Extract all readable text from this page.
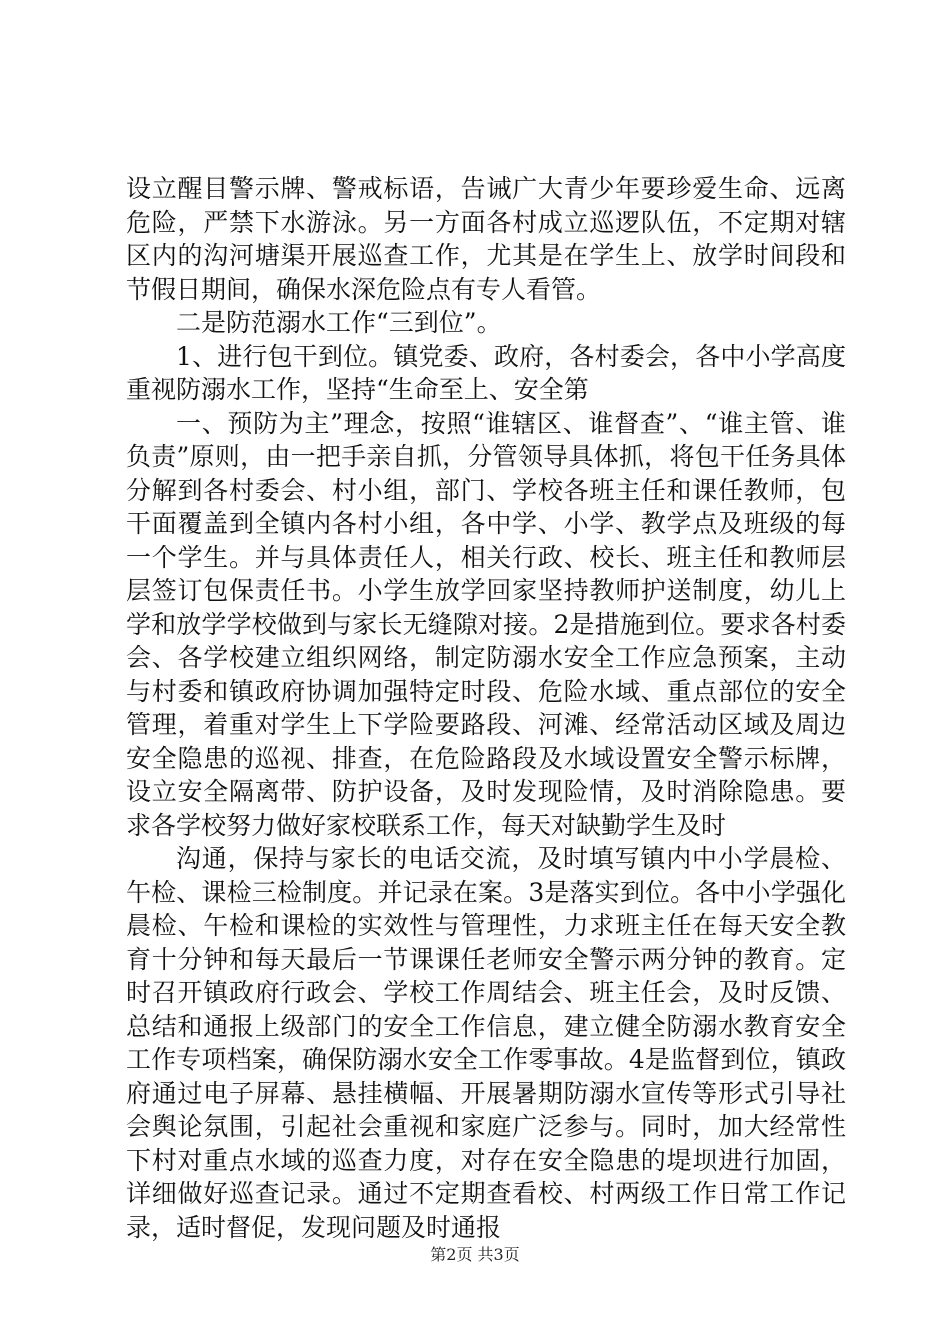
设立醒目警示牌、警戒标语，告诫广大青少年要珍爱生命、远离危险，严禁下水游泳。另一方面各村成立巡逻队伍，不定期对辖区内的沟河塘渠开展巡查工作，尤其是在学生上、放学时间段和节假日期间，确保水深危险点有专人看管。

二是防范溺水工作“三到位”。

1、进行包干到位。镇党委、政府，各村委会，各中小学高度重视防溺水工作，坚持“生命至上、安全第

一、预防为主”理念，按照“谁辖区、谁督查”、“谁主管、谁负责”原则，由一把手亲自抓，分管领导具体抓，将包干任务具体分解到各村委会、村小组，部门、学校各班主任和课任教师，包干面覆盖到全镇内各村小组，各中学、小学、教学点及班级的每一个学生。并与具体责任人，相关行政、校长、班主任和教师层层签订包保责任书。小学生放学回家坚持教师护送制度，幼儿上学和放学学校做到与家长无缝隙对接。2是措施到位。要求各村委会、各学校建立组织网络，制定防溺水安全工作应急预案，主动与村委和镇政府协调加强特定时段、危险水域、重点部位的安全管理，着重对学生上下学险要路段、河滩、经常活动区域及周边安全隐患的巡视、排查，在危险路段及水域设置安全警示标牌，设立安全隔离带、防护设备，及时发现险情，及时消除隐患。要求各学校努力做好家校联系工作，每天对缺勤学生及时

沟通，保持与家长的电话交流，及时填写镇内中小学晨检、午检、课检三检制度。并记录在案。3是落实到位。各中小学强化晨检、午检和课检的实效性与管理性，力求班主任在每天安全教育十分钟和每天最后一节课课任老师安全警示两分钟的教育。定时召开镇政府行政会、学校工作周结会、班主任会，及时反馈、总结和通报上级部门的安全工作信息，建立健全防溺水教育安全工作专项档案，确保防溺水安全工作零事故。4是监督到位，镇政府通过电子屏幕、悬挂横幅、开展暑期防溺水宣传等形式引导社会舆论氛围，引起社会重视和家庭广泛参与。同时，加大经常性下村对重点水域的巡查力度，对存在安全隐患的堤坝进行加固，详细做好巡查记录。通过不定期查看校、村两级工作日常工作记录，适时督促，发现问题及时通报

第2页 共3页
